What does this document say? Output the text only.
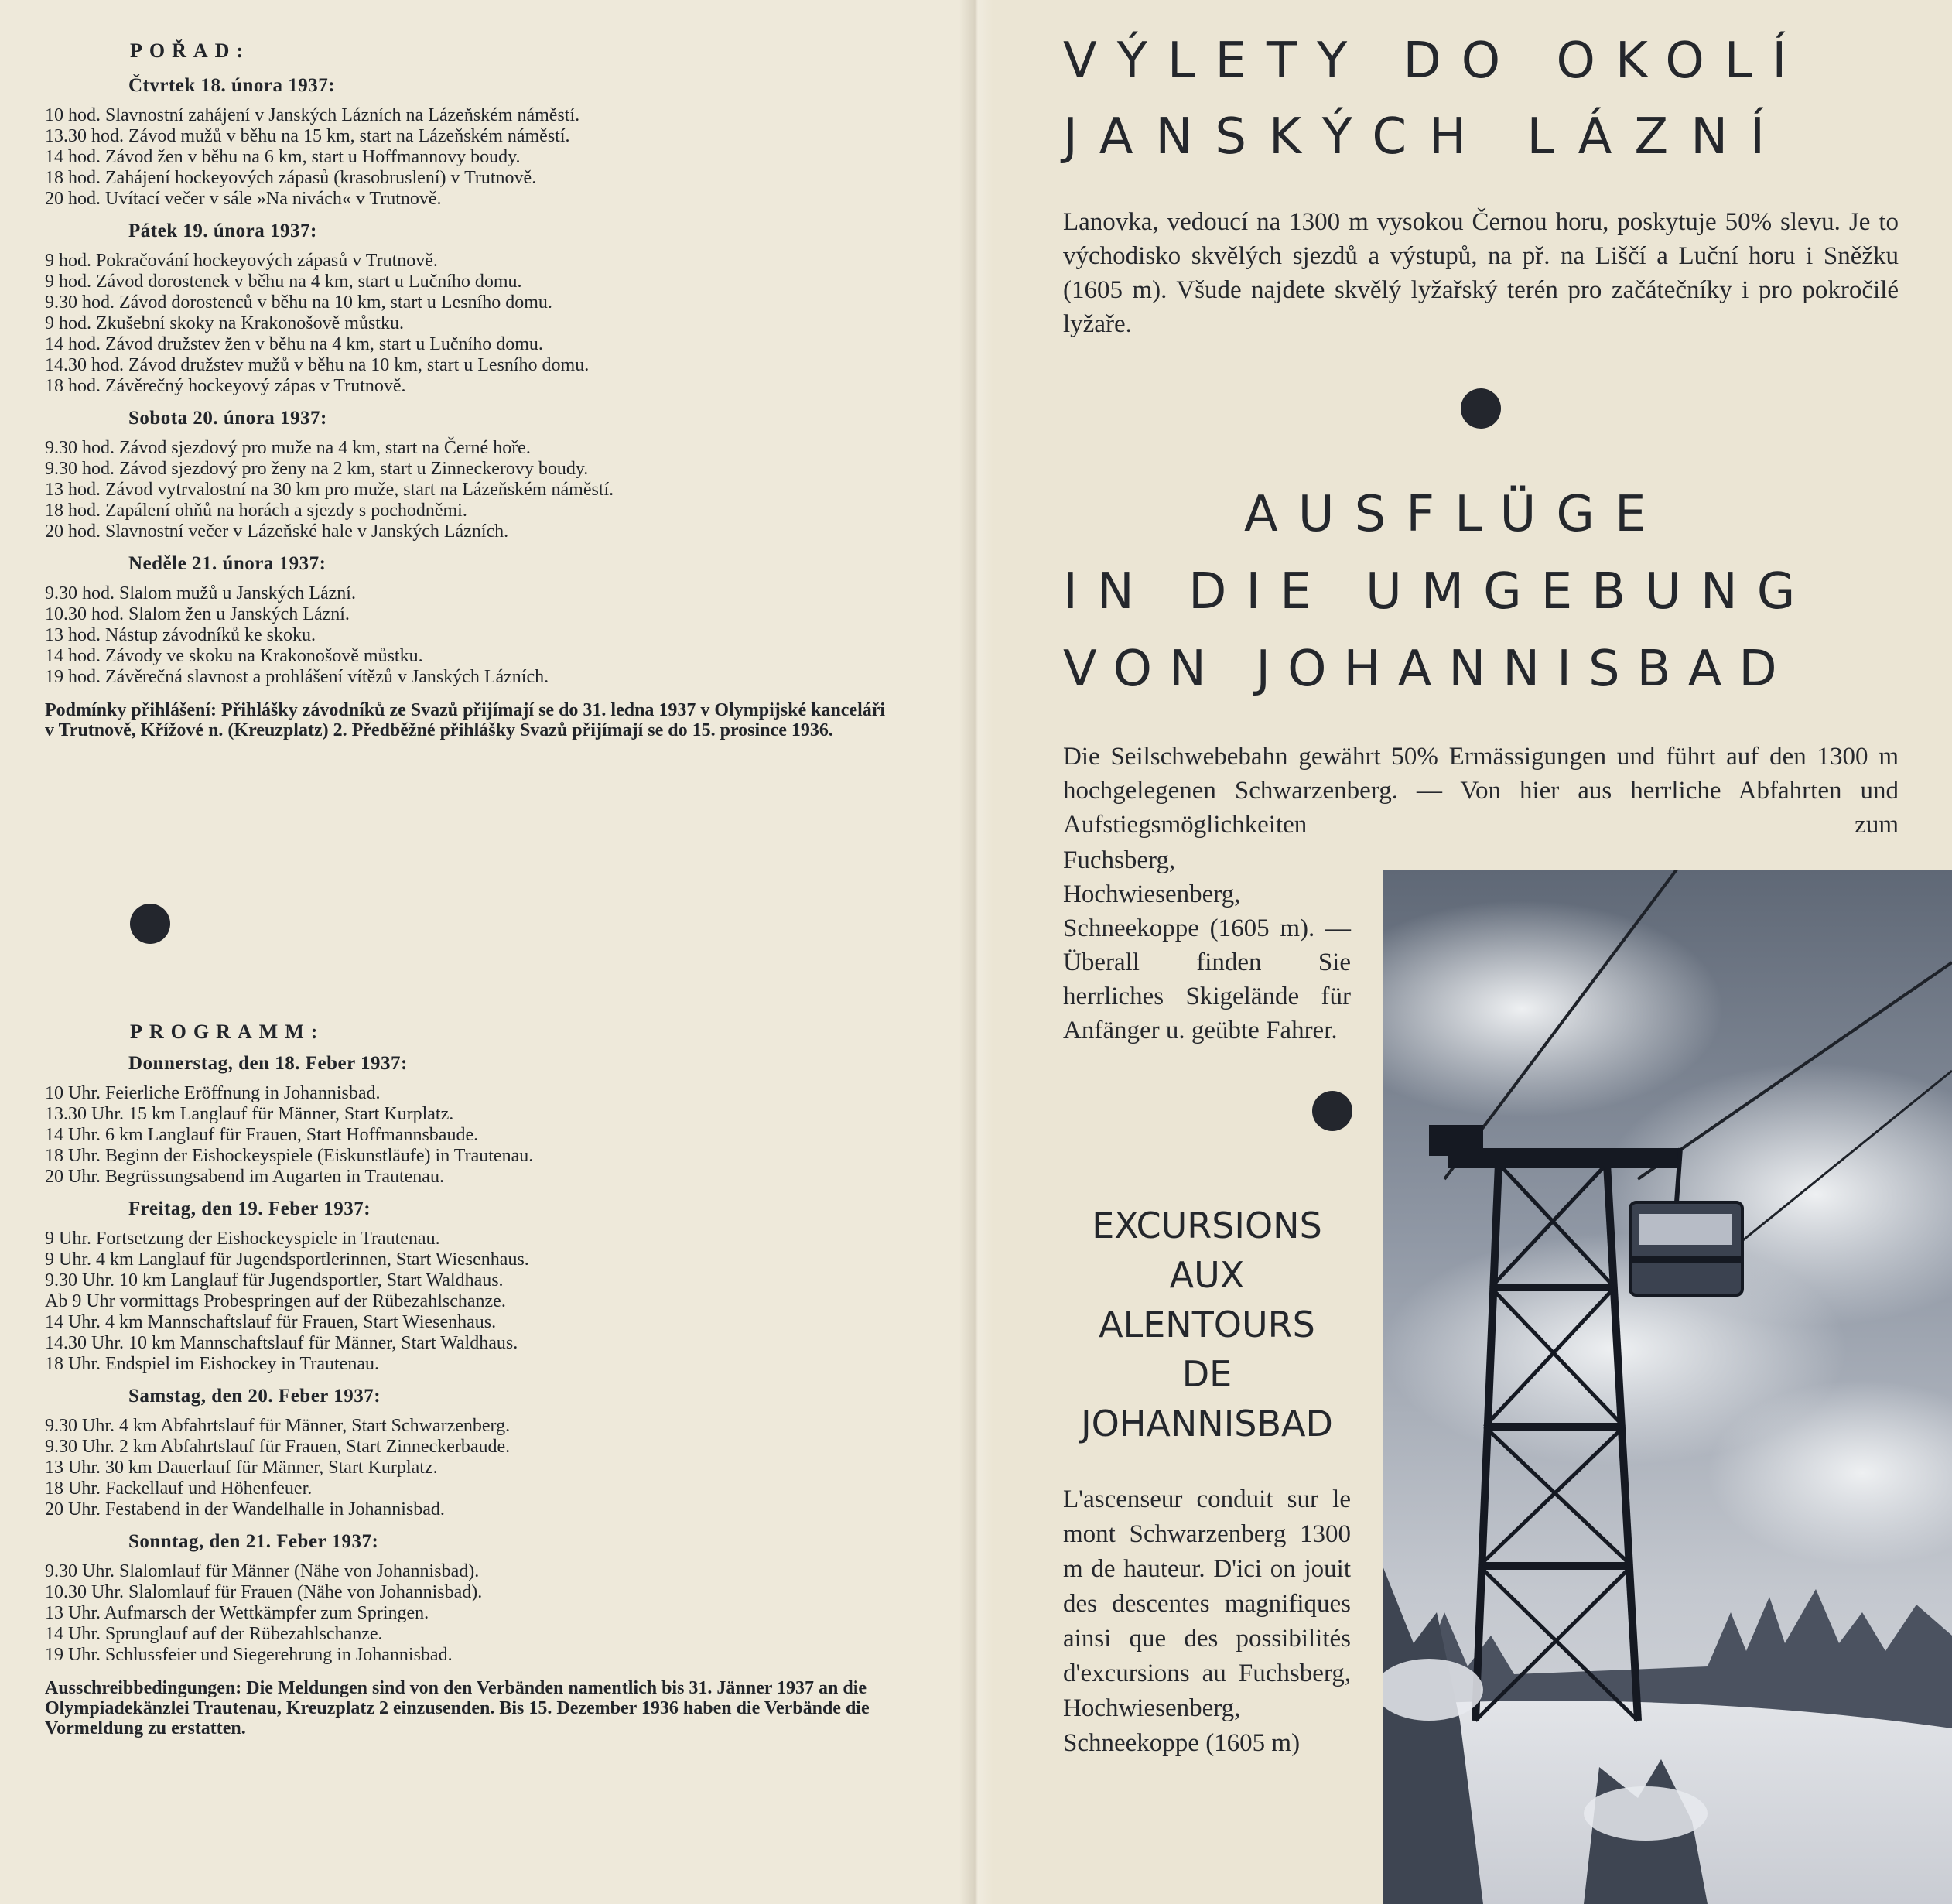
POŘAD:
Čtvrtek 18. února 1937:
10 hod. Slavnostní zahájení v Janských Lázních na Lázeňském náměstí.
13.30 hod. Závod mužů v běhu na 15 km, start na Lázeňském náměstí.
14 hod. Závod žen v běhu na 6 km, start u Hoffmannovy boudy.
18 hod. Zahájení hockeyových zápasů (krasobruslení) v Trutnově.
20 hod. Uvítací večer v sále »Na nivách« v Trutnově.
Pátek 19. února 1937:
9 hod. Pokračování hockeyových zápasů v Trutnově.
9 hod. Závod dorostenek v běhu na 4 km, start u Lučního domu.
9.30 hod. Závod dorostenců v běhu na 10 km, start u Lesního domu.
9 hod. Zkušební skoky na Krakonošově můstku.
14 hod. Závod družstev žen v běhu na 4 km, start u Lučního domu.
14.30 hod. Závod družstev mužů v běhu na 10 km, start u Lesního domu.
18 hod. Závěrečný hockeyový zápas v Trutnově.
Sobota 20. února 1937:
9.30 hod. Závod sjezdový pro muže na 4 km, start na Černé hoře.
9.30 hod. Závod sjezdový pro ženy na 2 km, start u Zinneckerovy boudy.
13 hod. Závod vytrvalostní na 30 km pro muže, start na Lázeňském náměstí.
18 hod. Zapálení ohňů na horách a sjezdy s pochodněmi.
20 hod. Slavnostní večer v Lázeňské hale v Janských Lázních.
Neděle 21. února 1937:
9.30 hod. Slalom mužů u Janských Lázní.
10.30 hod. Slalom žen u Janských Lázní.
13 hod. Nástup závodníků ke skoku.
14 hod. Závody ve skoku na Krakonošově můstku.
19 hod. Závěrečná slavnost a prohlášení vítězů v Janských Lázních.
Podmínky přihlášení: Přihlášky závodníků ze Svazů přijímají se do 31. ledna 1937 v Olympijské kanceláři v Trutnově, Křížové n. (Kreuzplatz) 2. Předběžné přihlášky Svazů přijímají se do 15. prosince 1936.
PROGRAMM:
Donnerstag, den 18. Feber 1937:
10 Uhr. Feierliche Eröffnung in Johannisbad.
13.30 Uhr. 15 km Langlauf für Männer, Start Kurplatz.
14 Uhr. 6 km Langlauf für Frauen, Start Hoffmannsbaude.
18 Uhr. Beginn der Eishockeyspiele (Eiskunstläufe) in Trautenau.
20 Uhr. Begrüssungsabend im Augarten in Trautenau.
Freitag, den 19. Feber 1937:
9 Uhr. Fortsetzung der Eishockeyspiele in Trautenau.
9 Uhr. 4 km Langlauf für Jugendsportlerinnen, Start Wiesenhaus.
9.30 Uhr. 10 km Langlauf für Jugendsportler, Start Waldhaus.
Ab 9 Uhr vormittags Probespringen auf der Rübezahlschanze.
14 Uhr. 4 km Mannschaftslauf für Frauen, Start Wiesenhaus.
14.30 Uhr. 10 km Mannschaftslauf für Männer, Start Waldhaus.
18 Uhr. Endspiel im Eishockey in Trautenau.
Samstag, den 20. Feber 1937:
9.30 Uhr. 4 km Abfahrtslauf für Männer, Start Schwarzenberg.
9.30 Uhr. 2 km Abfahrtslauf für Frauen, Start Zinneckerbaude.
13 Uhr. 30 km Dauerlauf für Männer, Start Kurplatz.
18 Uhr. Fackellauf und Höhenfeuer.
20 Uhr. Festabend in der Wandelhalle in Johannisbad.
Sonntag, den 21. Feber 1937:
9.30 Uhr. Slalomlauf für Männer (Nähe von Johannisbad).
10.30 Uhr. Slalomlauf für Frauen (Nähe von Johannisbad).
13 Uhr. Aufmarsch der Wettkämpfer zum Springen.
14 Uhr. Sprunglauf auf der Rübezahlschanze.
19 Uhr. Schlussfeier und Siegerehrung in Johannisbad.
Ausschreibbedingungen: Die Meldungen sind von den Verbänden namentlich bis 31. Jänner 1937 an die Olympiadekänzlei Trautenau, Kreuzplatz 2 einzusenden. Bis 15. Dezember 1936 haben die Verbände die Vormeldung zu erstatten.
VÝLETY DO OKOLÍ
JANSKÝCH LÁZNÍ
Lanovka, vedoucí na 1300 m vysokou Černou horu, poskytuje 50% slevu. Je to východisko skvělých sjezdů a výstupů, na př. na Liščí a Luční horu i Sněžku (1605 m). Všude najdete skvělý lyžařský terén pro začátečníky i pro pokročilé lyžaře.
AUSFLÜGE
IN DIE UMGEBUNG
VON JOHANNISBAD
Die Seilschwebebahn gewährt 50% Ermässigungen und führt auf den 1300 m hochgelegenen Schwarzenberg. — Von hier aus herrliche Abfahrten und Aufstiegsmöglichkeiten zum
Fuchsberg, Hochwiesenberg, Schneekoppe (1605 m). — Überall finden Sie herrliches Skigelände für Anfänger u. geübte Fahrer.
EXCURSIONS
AUX
ALENTOURS
DE
JOHANNISBAD
L'ascenseur conduit sur le mont Schwarzenberg 1300 m de hauteur. D'ici on jouit des descentes magnifiques ainsi que des possibilités d'excursions au Fuchsberg, Hochwiesenberg, Schneekoppe (1605 m)
